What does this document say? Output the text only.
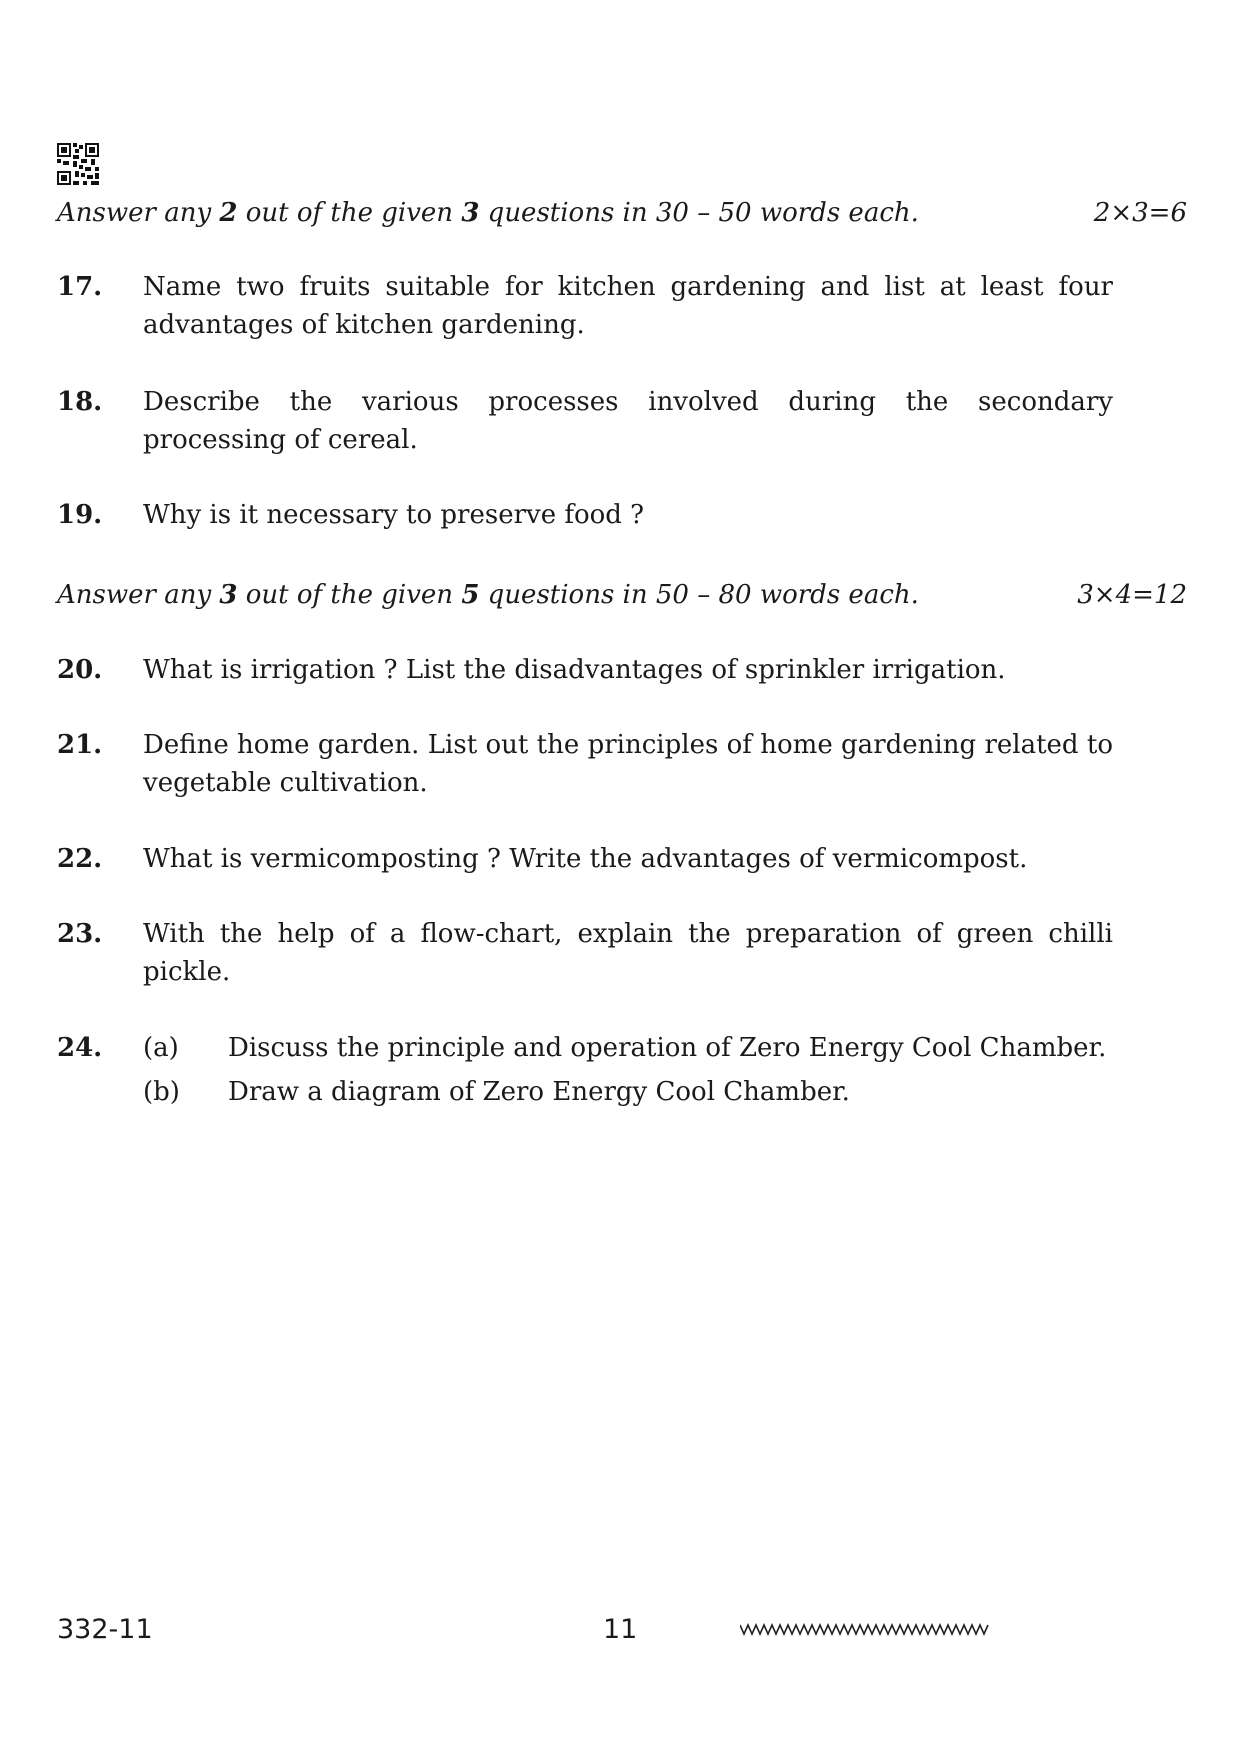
Answer any 2 out of the given 3 questions in 30 – 50 words each.	2×3=6
17. Name two fruits suitable for kitchen gardening and list at least four advantages of kitchen gardening.
18. Describe the various processes involved during the secondary processing of cereal.
19. Why is it necessary to preserve food ?
Answer any 3 out of the given 5 questions in 50 – 80 words each.	3×4=12
20. What is irrigation ? List the disadvantages of sprinkler irrigation.
21. Define home garden. List out the principles of home gardening related to vegetable cultivation.
22. What is vermicomposting ? Write the advantages of vermicompost.
23. With the help of a flow-chart, explain the preparation of green chilli pickle.
24. (a) Discuss the principle and operation of Zero Energy Cool Chamber.
(b) Draw a diagram of Zero Energy Cool Chamber.
332-11	11
